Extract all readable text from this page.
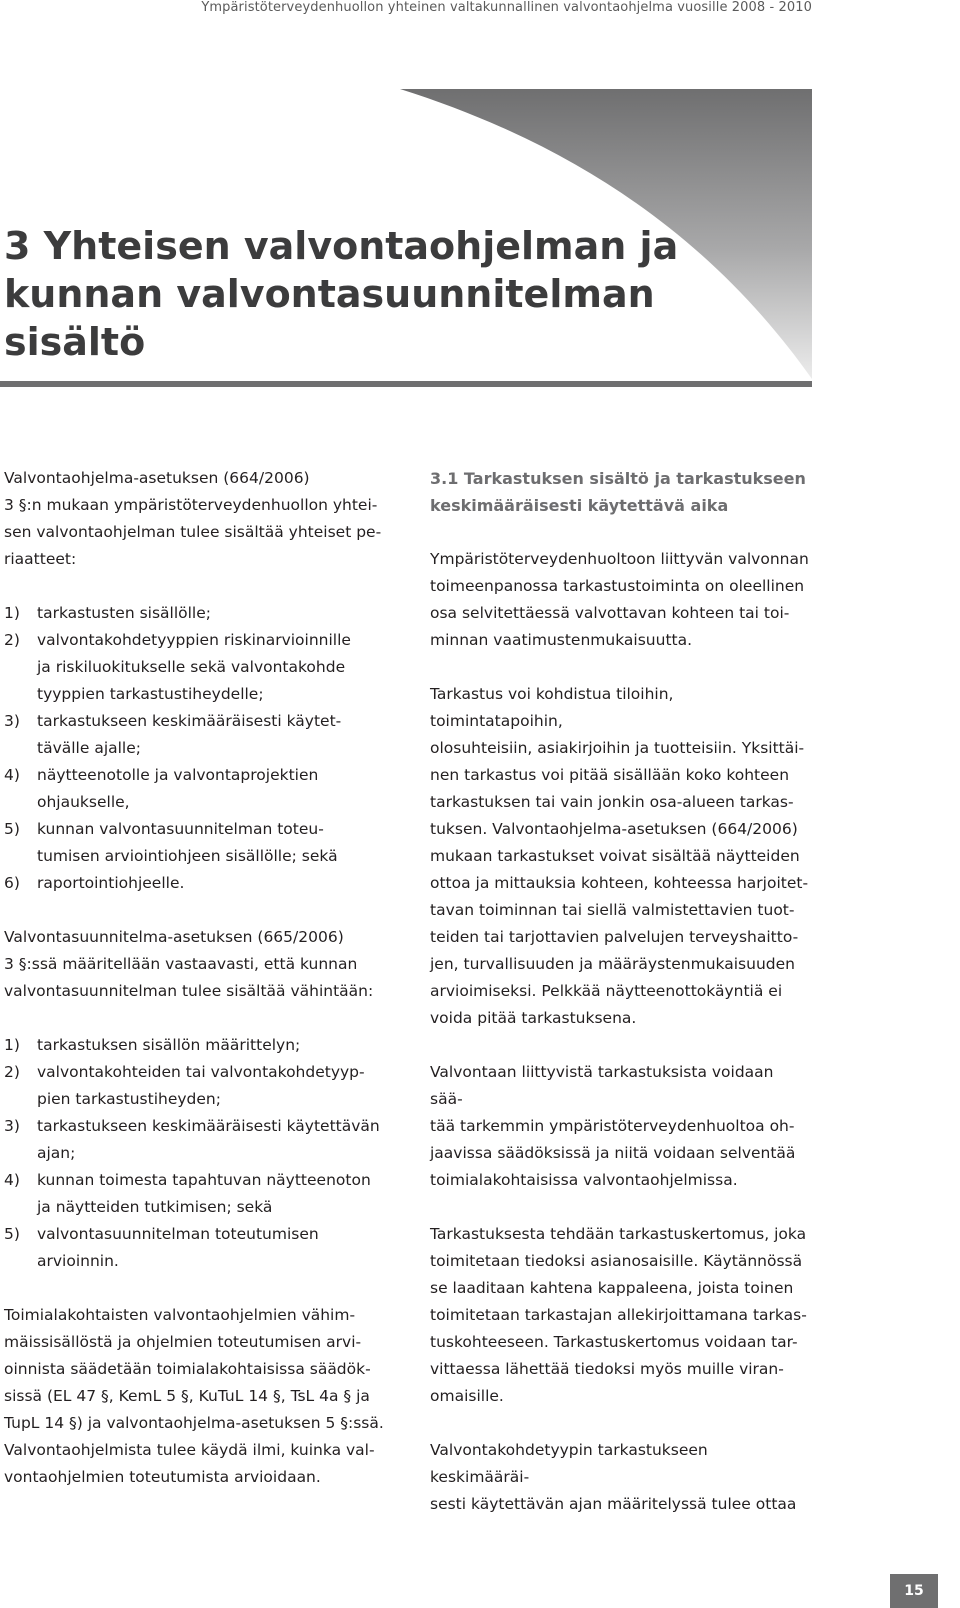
Ympäristöterveydenhuollon yhteinen valtakunnallinen valvontaohjelma vuosille 2008 - 2010
3 Yhteisen valvontaohjelman ja
kunnan valvontasuunnitelman
sisältö

Valvontaohjelma-asetuksen (664/2006)
3 §:n mukaan ympäristöterveydenhuollon yhtei-
sen valvontaohjelman tulee sisältää yhteiset pe-
riaatteet:

1)	tarkastusten sisällölle;
2)	valvontakohdetyyppien riskinarvioinnille
ja riskiluokitukselle sekä valvontakohde
tyyppien tarkastustiheydelle;
3)	tarkastukseen keskimääräisesti käytet-
tävälle ajalle;
4)	näytteenotolle ja valvontaprojektien
ohjaukselle,
5)	kunnan valvontasuunnitelman toteu-
tumisen arviointiohjeen sisällölle; sekä
6)	raportointiohjeelle.

Valvontasuunnitelma-asetuksen (665/2006)
3 §:ssä määritellään vastaavasti, että kunnan
valvontasuunnitelman tulee sisältää vähintään:

1)	tarkastuksen sisällön määrittelyn;
2)	valvontakohteiden tai valvontakohdetyyp-
pien tarkastustiheyden;
3)	tarkastukseen keskimääräisesti käytettävän
ajan;
4)	kunnan toimesta tapahtuvan näytteenoton
ja näytteiden tutkimisen; sekä
5)	valvontasuunnitelman toteutumisen
arvioinnin.

Toimialakohtaisten valvontaohjelmien vähim-
mäissisällöstä ja ohjelmien toteutumisen arvi-
oinnista säädetään toimialakohtaisissa säädök-
sissä (EL 47 §, KemL 5 §, KuTuL 14 §, TsL 4a § ja
TupL 14 §) ja valvontaohjelma-asetuksen 5 §:ssä.
Valvontaohjelmista tulee käydä ilmi, kuinka val-
vontaohjelmien toteutumista arvioidaan.

3.1 Tarkastuksen sisältö ja tarkastukseen
keskimääräisesti käytettävä aika

Ympäristöterveydenhuoltoon liittyvän valvonnan
toimeenpanossa tarkastustoiminta on oleellinen
osa selvitettäessä valvottavan kohteen tai toi-
minnan vaatimustenmukaisuutta.

Tarkastus voi kohdistua tiloihin, toimintatapoihin,
olosuhteisiin, asiakirjoihin ja tuotteisiin. Yksittäi-
nen tarkastus voi pitää sisällään koko kohteen
tarkastuksen tai vain jonkin osa-alueen tarkas-
tuksen. Valvontaohjelma-asetuksen (664/2006)
mukaan tarkastukset voivat sisältää näytteiden
ottoa ja mittauksia kohteen, kohteessa harjoitet-
tavan toiminnan tai siellä valmistettavien tuot-
teiden tai tarjottavien palvelujen terveyshaitto-
jen, turvallisuuden ja määräystenmukaisuuden
arvioimiseksi. Pelkkää näytteenottokäyntiä ei
voida pitää tarkastuksena.

Valvontaan liittyvistä tarkastuksista voidaan sää-
tää tarkemmin ympäristöterveydenhuoltoa oh-
jaavissa säädöksissä ja niitä voidaan selventää
toimialakohtaisissa valvontaohjelmissa.

Tarkastuksesta tehdään tarkastuskertomus, joka
toimitetaan tiedoksi asianosaisille. Käytännössä
se laaditaan kahtena kappaleena, joista toinen
toimitetaan tarkastajan allekirjoittamana tarkas-
tuskohteeseen. Tarkastuskertomus voidaan tar-
vittaessa lähettää tiedoksi myös muille viran-
omaisille.

Valvontakohdetyypin tarkastukseen keskimääräi-
sesti käytettävän ajan määritelyssä tulee ottaa

15
